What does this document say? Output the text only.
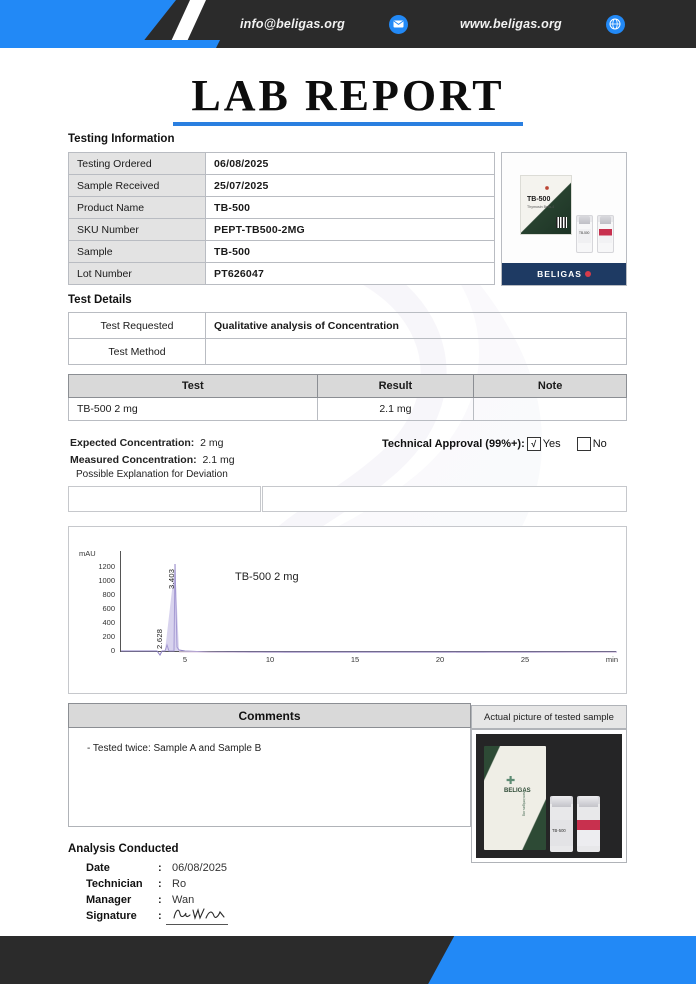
info@beligas.org	www.beligas.org
LAB REPORT
Testing Information
Testing Ordered	06/08/2025
Sample Received	25/07/2025
Product Name	TB-500
SKU Number	PEPT-TB500-2MG
Sample	TB-500
Lot Number	PT626047
TB-500
Thymosin Beta-4
TB-500
BELIGAS
Test Details
Test Requested	Qualitative analysis of Concentration
Test Method	
Test	Result	Note
TB-500 2 mg	2.1 mg	
Expected Concentration: 2 mg
Measured Concentration: 2.1 mg
Possible Explanation for Deviation
Technical Approval (99%+): √ Yes	No
mAU
1200
1000
800
600
400
200
0
5	10	15	20	25	min
3.403
2.628
TB-500 2 mg
Comments
- Tested twice: Sample A and Sample B
Actual picture of tested sample
✚
BELIGAS
www.beligas.org
TB-500
Analysis Conducted
Date	: 06/08/2025
Technician	: Ro
Manager	: Wan
Signature	:
